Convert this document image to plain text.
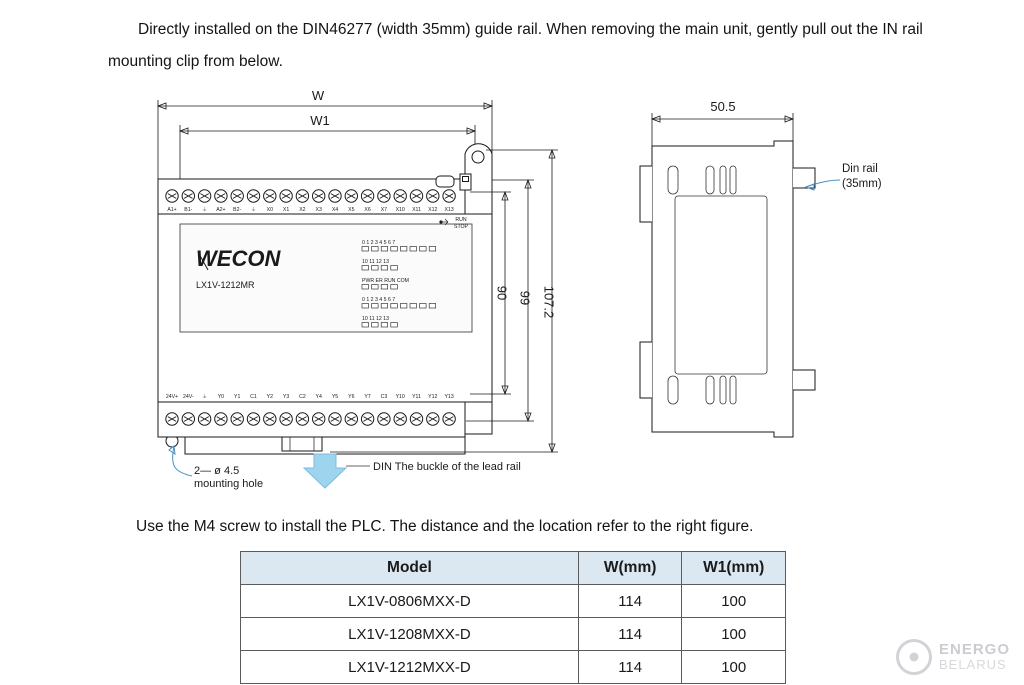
Directly installed on the DIN46277 (width 35mm) guide rail. When removing the main unit, gently pull out the IN rail mounting clip from below.
W
W1
A1+ B1- ⏚ A2+ B2- ⏚ X0 X1 X2 X3 X4 X5 X6 X7 X10 X11 X12 X13
24V+ 24V- ⏚ Y0 Y1 C1 Y2 Y3 C2 Y4 Y5 Y6 Y7 C3 Y10 Y11 Y12 Y13
RUN
STOP
WECON
LX1V-1212MR
0 1 2 3 4 5 6 7
10 11 12 13
PWR ER RUN COM
0 1 2 3 4 5 6 7
10 11 12 13
90 99 107.2
2— ø 4.5
mounting hole
DIN The buckle of the lead rail
50.5
Din rail
(35mm)
Use the M4 screw to install the PLC. The distance and the location refer to the right figure.
Model	W(mm)	W1(mm)
LX1V-0806MXX-D	114	100
LX1V-1208MXX-D	114	100
LX1V-1212MXX-D	114	100
ENERGO
BELARUS
